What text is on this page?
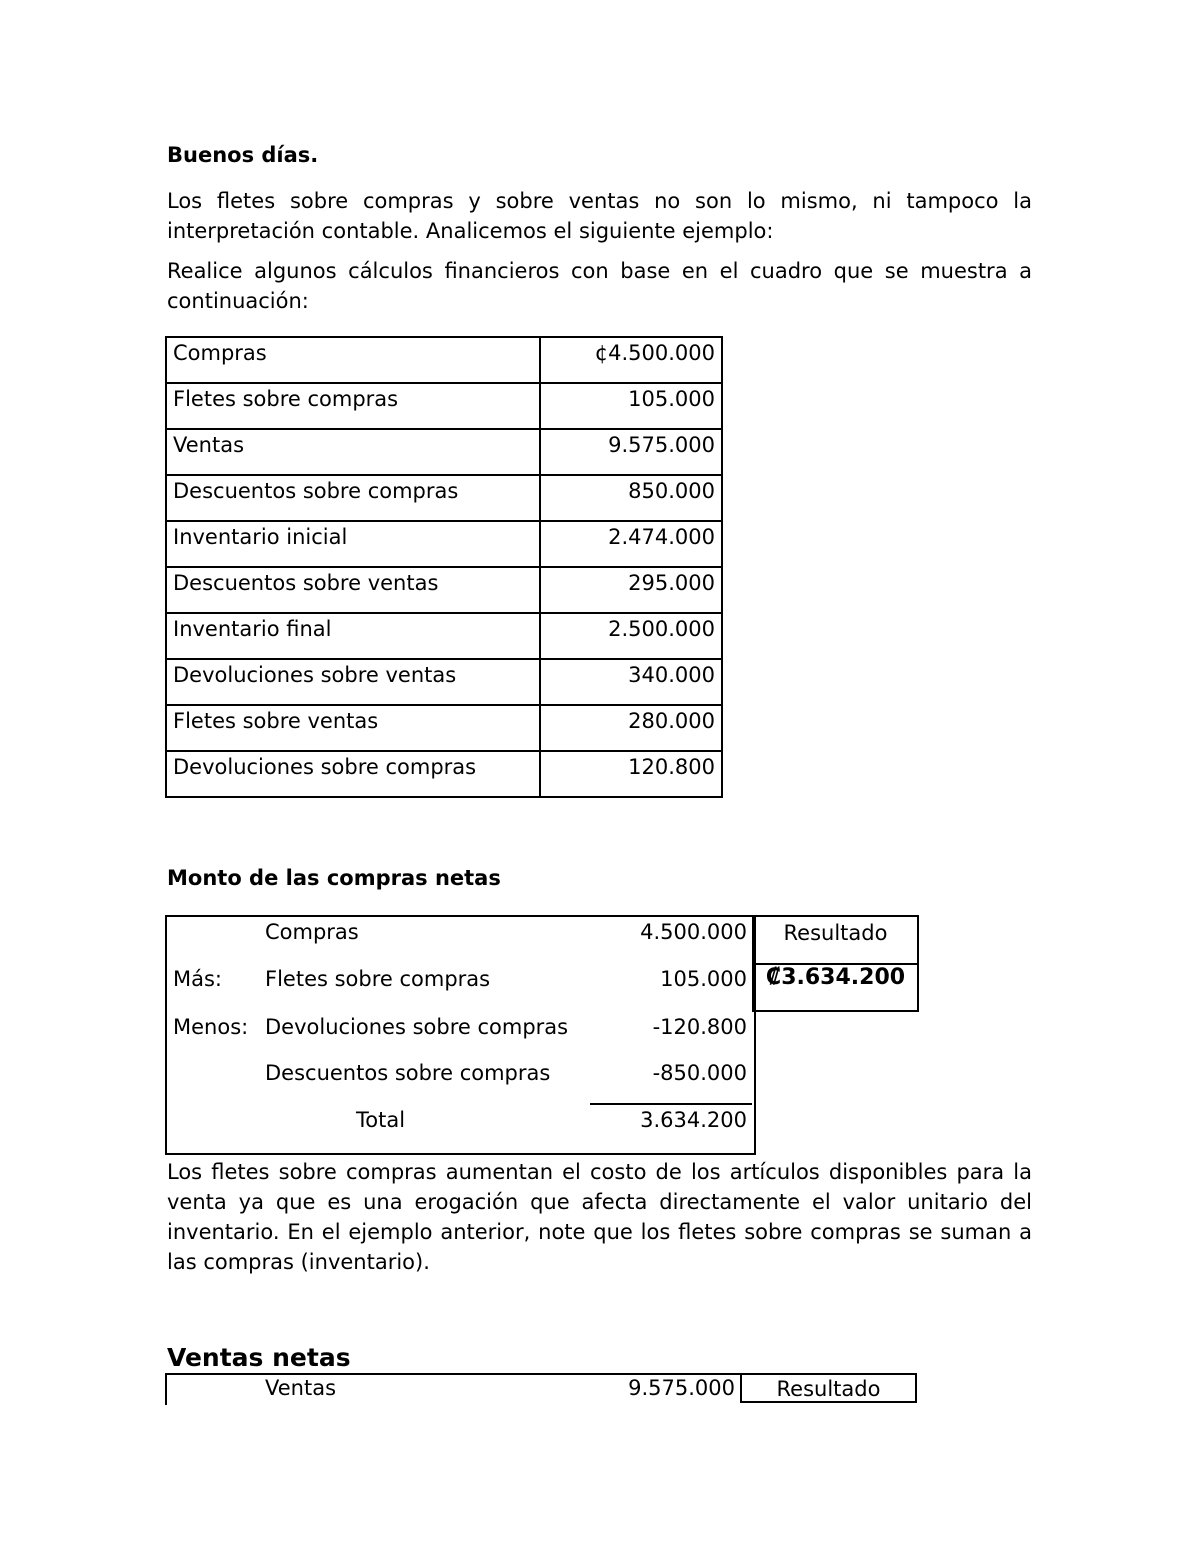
Buenos días.

Los fletes sobre compras y sobre ventas no son lo mismo, ni tampoco la interpretación contable. Analicemos el siguiente ejemplo:

Realice algunos cálculos financieros con base en el cuadro que se muestra a continuación:

Compras	¢4.500.000
Fletes sobre compras	105.000
Ventas	9.575.000
Descuentos sobre compras	850.000
Inventario inicial	2.474.000
Descuentos sobre ventas	295.000
Inventario final	2.500.000
Devoluciones sobre ventas	340.000
Fletes sobre ventas	280.000
Devoluciones sobre compras	120.800
Monto de las compras netas
Compras	4.500.000
Más: Fletes sobre compras	105.000
Menos: Devoluciones sobre compras	-120.800
Descuentos sobre compras	-850.000
Total	3.634.200
Resultado
₡3.634.200

Los fletes sobre compras aumentan el costo de los artículos disponibles para la venta ya que es una erogación que afecta directamente el valor unitario del inventario. En el ejemplo anterior, note que los fletes sobre compras se suman a las compras (inventario).

Ventas netas
Ventas	9.575.000	Resultado
